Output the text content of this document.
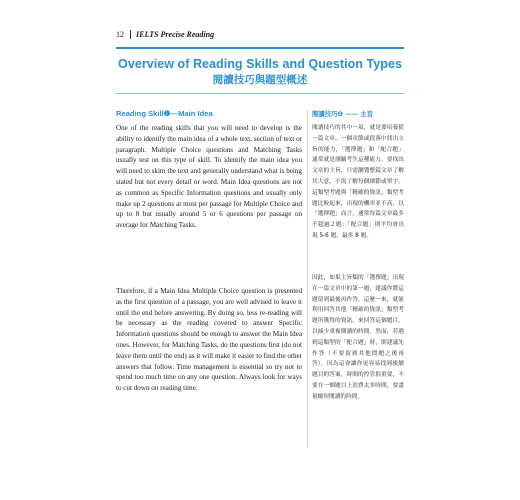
12 IELTS Precise Reading
Overview of Reading Skills and Question Types
閱讀技巧與題型概述
Reading Skill❶—Main Idea	閱讀技巧❶ —— 主旨

One of the reading skills that you will need to develop is the ability to identify the main idea of a whole text, section of text or paragraph. Multiple Choice questions and Matching Tasks usually test on this type of skill. To identify the main idea you will need to skim the text and generally understand what is being stated but not every detail or word. Main Idea questions are not as common as Specific Information questions and usually only make up 2 questions at most per passage for Multiple Choice and up to 8 but usually around 5 or 6 questions per passage on average for Matching Tasks.

Therefore, if a Main Idea Multiple Choice question is presented as the first question of a passage, you are well advised to leave it until the end before answering. By doing so, less re-reading will be necessary as the reading covered to answer Specific Information questions should be enough to answer the Main Idea ones. However, for Matching Tasks, do the questions first (do not leave them until the end) as it will make it easier to find the other answers that follow. Time management is essential so try not to spend too much time on any one question. Always look for ways to cut down on reading time.

閱讀技巧的其中一項，就是要培養從一篇文章、一個章節或段落中找出主旨的能力，「選擇題」和「配合題」通常就是測驗考生這種能力。要找出文章的主旨，只需瀏覽整篇文章了解其大意，不需了解每個細節或單字。這類型考題與「精確的資訊」類型考題比較起來，出現的機率並不高，以「選擇題」而言，通常每篇文章最多不超過２題；「配合題」則平均會出現 5-6 題，最多 8 題。

因此，如果主旨類的「選擇題」出現在一篇文章中的第一題，建議你將這題留到最後再作答，這麼一來，就能利用回答其他「精確的資訊」類型考題所獲得的資訊，來回答這個題目，以減少重複閱讀的時間。然而，若遇到這類型的「配合題」時，則建議先作答（不要留到其他問題之後再答），因為這會讓你更容易找到後續題目的答案。時間的控管很重要，不要在一個題目上浪費太多時間，要盡量縮短閱讀的時間。
